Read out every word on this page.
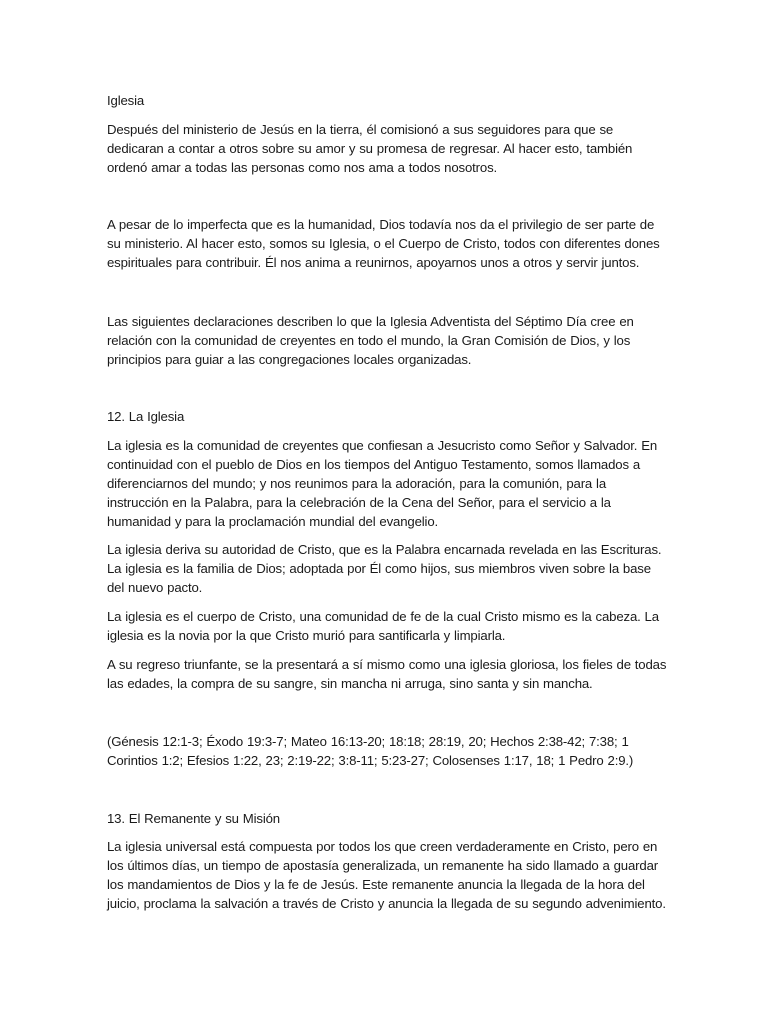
Iglesia

Después del ministerio de Jesús en la tierra, él comisionó a sus seguidores para que se dedicaran a contar a otros sobre su amor y su promesa de regresar. Al hacer esto, también ordenó amar a todas las personas como nos ama a todos nosotros.

A pesar de lo imperfecta que es la humanidad, Dios todavía nos da el privilegio de ser parte de su ministerio. Al hacer esto, somos su Iglesia, o el Cuerpo de Cristo, todos con diferentes dones espirituales para contribuir. Él nos anima a reunirnos, apoyarnos unos a otros y servir juntos.

Las siguientes declaraciones describen lo que la Iglesia Adventista del Séptimo Día cree en relación con la comunidad de creyentes en todo el mundo, la Gran Comisión de Dios, y los principios para guiar a las congregaciones locales organizadas.

12. La Iglesia

La iglesia es la comunidad de creyentes que confiesan a Jesucristo como Señor y Salvador. En continuidad con el pueblo de Dios en los tiempos del Antiguo Testamento, somos llamados a diferenciarnos del mundo; y nos reunimos para la adoración, para la comunión, para la instrucción en la Palabra, para la celebración de la Cena del Señor, para el servicio a la humanidad y para la proclamación mundial del evangelio.

La iglesia deriva su autoridad de Cristo, que es la Palabra encarnada revelada en las Escrituras. La iglesia es la familia de Dios; adoptada por Él como hijos, sus miembros viven sobre la base del nuevo pacto.

La iglesia es el cuerpo de Cristo, una comunidad de fe de la cual Cristo mismo es la cabeza. La iglesia es la novia por la que Cristo murió para santificarla y limpiarla.

A su regreso triunfante, se la presentará a sí mismo como una iglesia gloriosa, los fieles de todas las edades, la compra de su sangre, sin mancha ni arruga, sino santa y sin mancha.

(Génesis 12:1-3; Éxodo 19:3-7; Mateo 16:13-20; 18:18; 28:19, 20; Hechos 2:38-42; 7:38; 1 Corintios 1:2; Efesios 1:22, 23; 2:19-22; 3:8-11; 5:23-27; Colosenses 1:17, 18; 1 Pedro 2:9.)

13. El Remanente y su Misión

La iglesia universal está compuesta por todos los que creen verdaderamente en Cristo, pero en los últimos días, un tiempo de apostasía generalizada, un remanente ha sido llamado a guardar los mandamientos de Dios y la fe de Jesús. Este remanente anuncia la llegada de la hora del juicio, proclama la salvación a través de Cristo y anuncia la llegada de su segundo advenimiento.
